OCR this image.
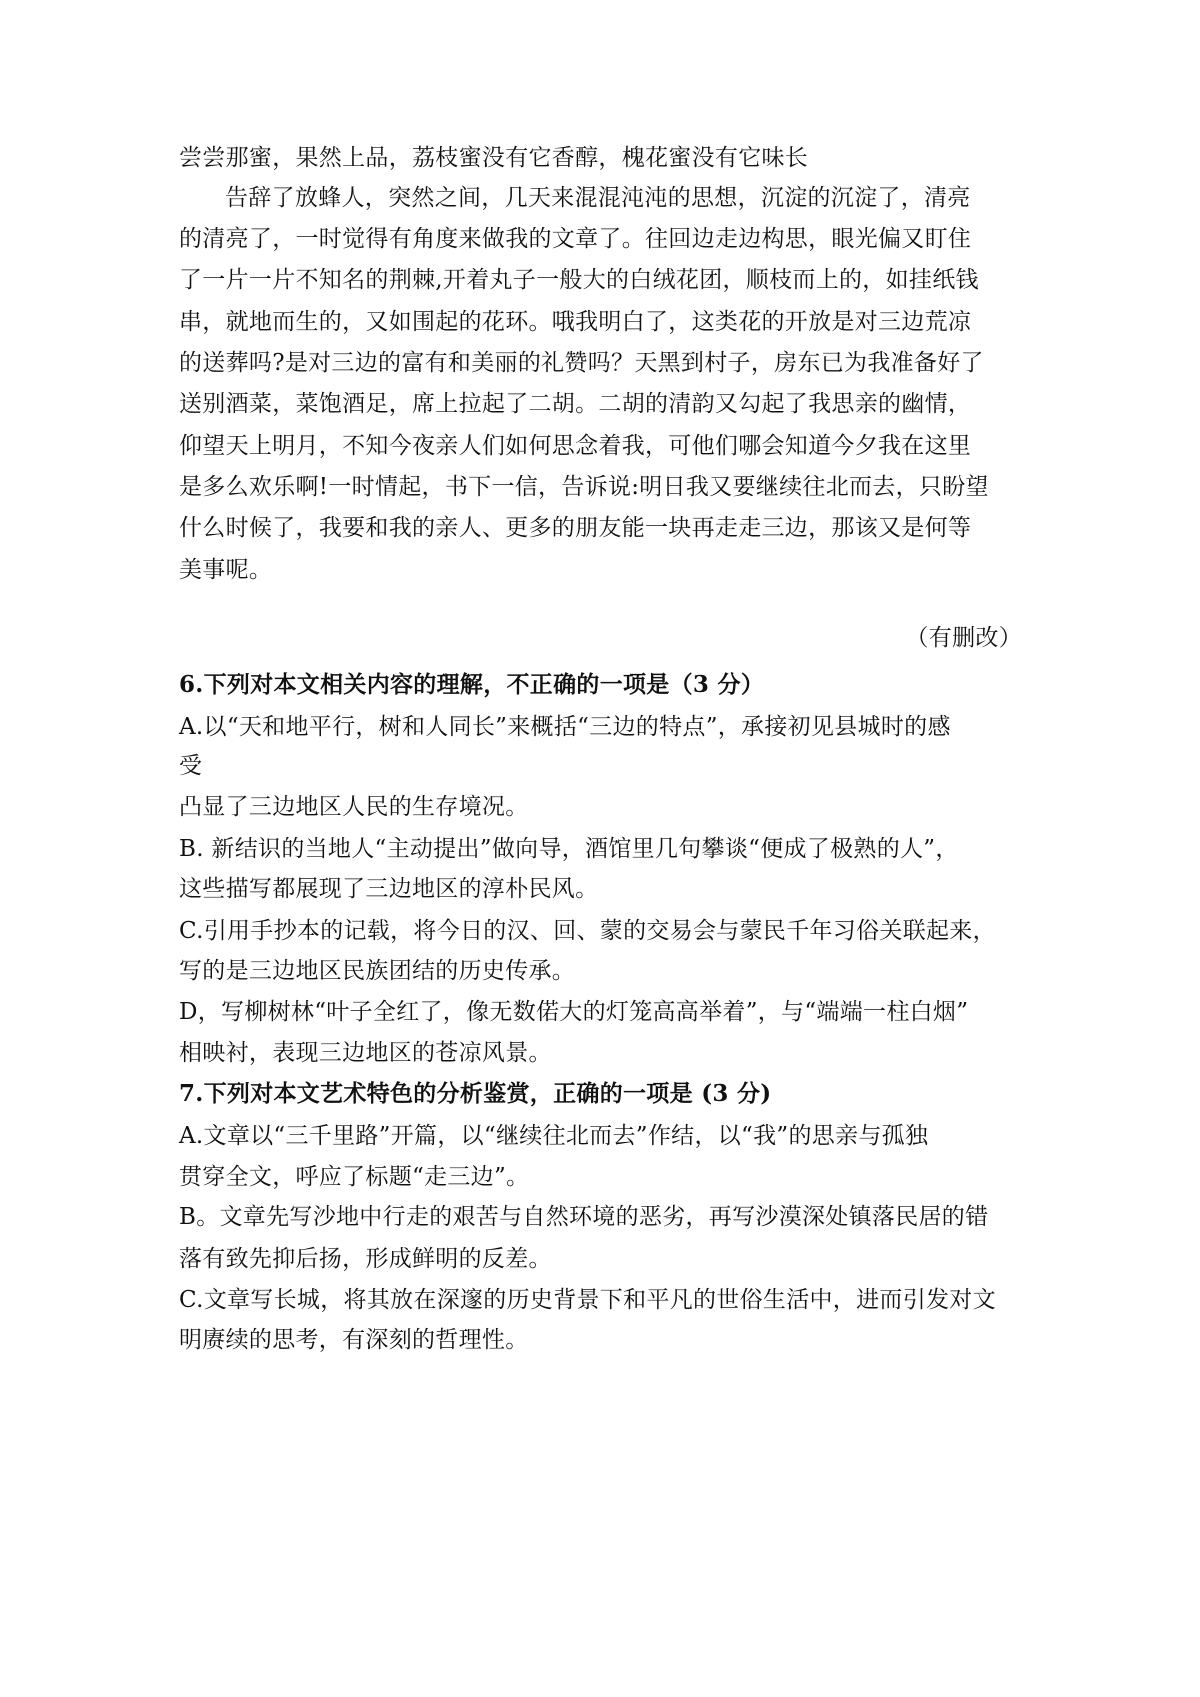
尝尝那蜜，果然上品，荔枝蜜没有它香醇，槐花蜜没有它味长
告辞了放蜂人，突然之间，几天来混混沌沌的思想，沉淀的沉淀了，清亮
的清亮了，一时觉得有角度来做我的文章了。往回边走边构思，眼光偏又盯住
了一片一片不知名的荆棘,开着丸子一般大的白绒花团，顺枝而上的，如挂纸钱
串，就地而生的，又如围起的花环。哦我明白了，这类花的开放是对三边荒凉
的送葬吗?是对三边的富有和美丽的礼赞吗？天黑到村子，房东已为我准备好了
送别酒菜，菜饱酒足，席上拉起了二胡。二胡的清韵又勾起了我思亲的幽情，
仰望天上明月，不知今夜亲人们如何思念着我，可他们哪会知道今夕我在这里
是多么欢乐啊!一时情起，书下一信，告诉说:明日我又要继续往北而去，只盼望
什么时候了，我要和我的亲人、更多的朋友能一块再走走三边，那该又是何等
美事呢。
（有删改）
6.下列对本文相关内容的理解，不正确的一项是（3 分）
A.以“天和地平行，树和人同长”来概括“三边的特点”，承接初见县城时的感
受
凸显了三边地区人民的生存境况。
B. 新结识的当地人“主动提出”做向导，酒馆里几句攀谈“便成了极熟的人”，
这些描写都展现了三边地区的淳朴民风。
C.引用手抄本的记载，将今日的汉、回、蒙的交易会与蒙民千年习俗关联起来，
写的是三边地区民族团结的历史传承。
D，写柳树林“叶子全红了，像无数偌大的灯笼高高举着”，与“端端一柱白烟”
相映衬，表现三边地区的苍凉风景。
7.下列对本文艺术特色的分析鉴赏，正确的一项是 (3 分)
A.文章以“三千里路”开篇，以“继续往北而去”作结，以“我”的思亲与孤独
贯穿全文，呼应了标题“走三边”。
B。文章先写沙地中行走的艰苦与自然环境的恶劣，再写沙漠深处镇落民居的错
落有致先抑后扬，形成鲜明的反差。
C.文章写长城，将其放在深邃的历史背景下和平凡的世俗生活中，进而引发对文
明赓续的思考，有深刻的哲理性。
